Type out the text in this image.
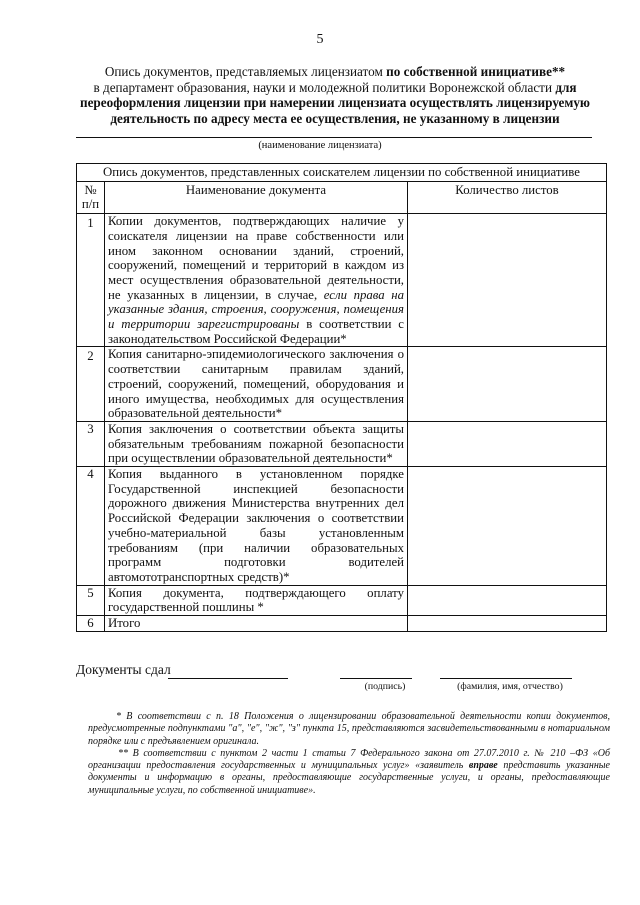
5
Опись документов, представляемых лицензиатом по собственной инициативе**
в департамент образования, науки и молодежной политики Воронежской области для
переоформления лицензии при намерении лицензиата осуществлять лицензируемую
деятельность по адресу места ее осуществления, не указанному в лицензии
(наименование лицензиата)
Опись документов, представленных соискателем лицензии по собственной инициативе		
№ п/п	Наименование документа	Количество листов
1	Копии документов, подтверждающих наличие у соискателя лицензии на праве собственности или ином законном основании зданий, строений, сооружений, помещений и территорий в каждом из мест осуществления образовательной деятельности, не указанных в лицензии, в случае, если права на указанные здания, строения, сооружения, помещения и территории зарегистрированы в соответствии с законодательством Российской Федерации*	
2	Копия санитарно-эпидемиологического заключения о соответствии санитарным правилам зданий, строений, сооружений, помещений, оборудования и иного имущества, необходимых для осуществления образовательной деятельности*	
3	Копия заключения о соответствии объекта защиты обязательным требованиям пожарной безопасности при осуществлении образовательной деятельности*	
4	Копия выданного в установленном порядке Государственной инспекцией безопасности дорожного движения Министерства внутренних дел Российской Федерации заключения о соответствии учебно-материальной базы установленным требованиям (при наличии образовательных программ подготовки водителей автомототранспортных средств)*	
5	Копия документа, подтверждающего оплату государственной пошлины *	
6	Итого	
Документы сдал
(подпись)	(фамилия, имя, отчество)

* В соответствии с п. 18 Положения о лицензировании образовательной деятельности копии документов, предусмотренные подпунктами "а", "е", "ж", "з" пункта 15, представляются засвидетельствованными в нотариальном порядке или с предъявлением оригинала.

** В соответствии с пунктом 2 части 1 статьи 7 Федерального закона от 27.07.2010 г. № 210 –ФЗ «Об организации предоставления государственных и муниципальных услуг» «заявитель вправе представить указанные документы и информацию в органы, предоставляющие государственные услуги, и органы, предоставляющие муниципальные услуги, по собственной инициативе».
